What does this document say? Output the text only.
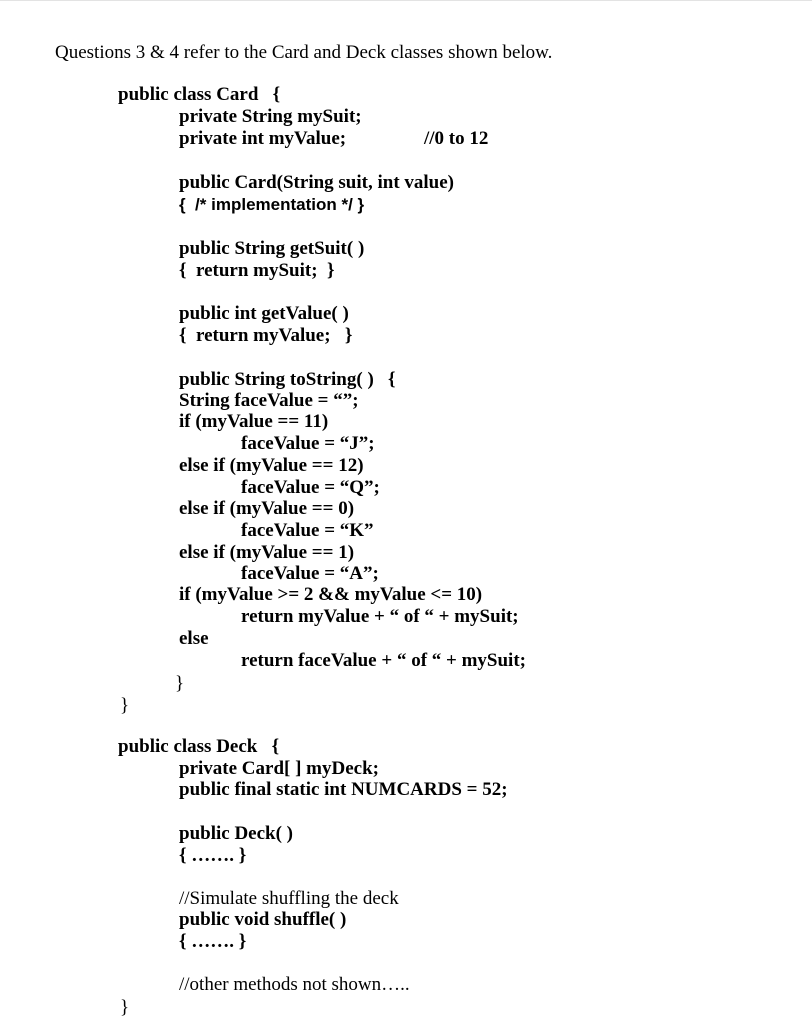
Questions 3 & 4 refer to the Card and Deck classes shown below.
public class Card   {
private String mySuit;
private int myValue;	//0 to 12
public Card(String suit, int value)
{  /* implementation */ }
public String getSuit( )
{  return mySuit;  }
public int getValue( )
{  return myValue;   }
public String toString( )   {
String faceValue = “”;
if (myValue == 11)
faceValue = “J”;
else if (myValue == 12)
faceValue = “Q”;
else if (myValue == 0)
faceValue = “K”
else if (myValue == 1)
faceValue = “A”;
if (myValue >= 2 && myValue <= 10)
return myValue + “ of “ + mySuit;
else
return faceValue + “ of “ + mySuit;
}
}
public class Deck   {
private Card[ ] myDeck;
public final static int NUMCARDS = 52;
public Deck( )
{ ……. }
//Simulate shuffling the deck
public void shuffle( )
{ ……. }
//other methods not shown…..
}
